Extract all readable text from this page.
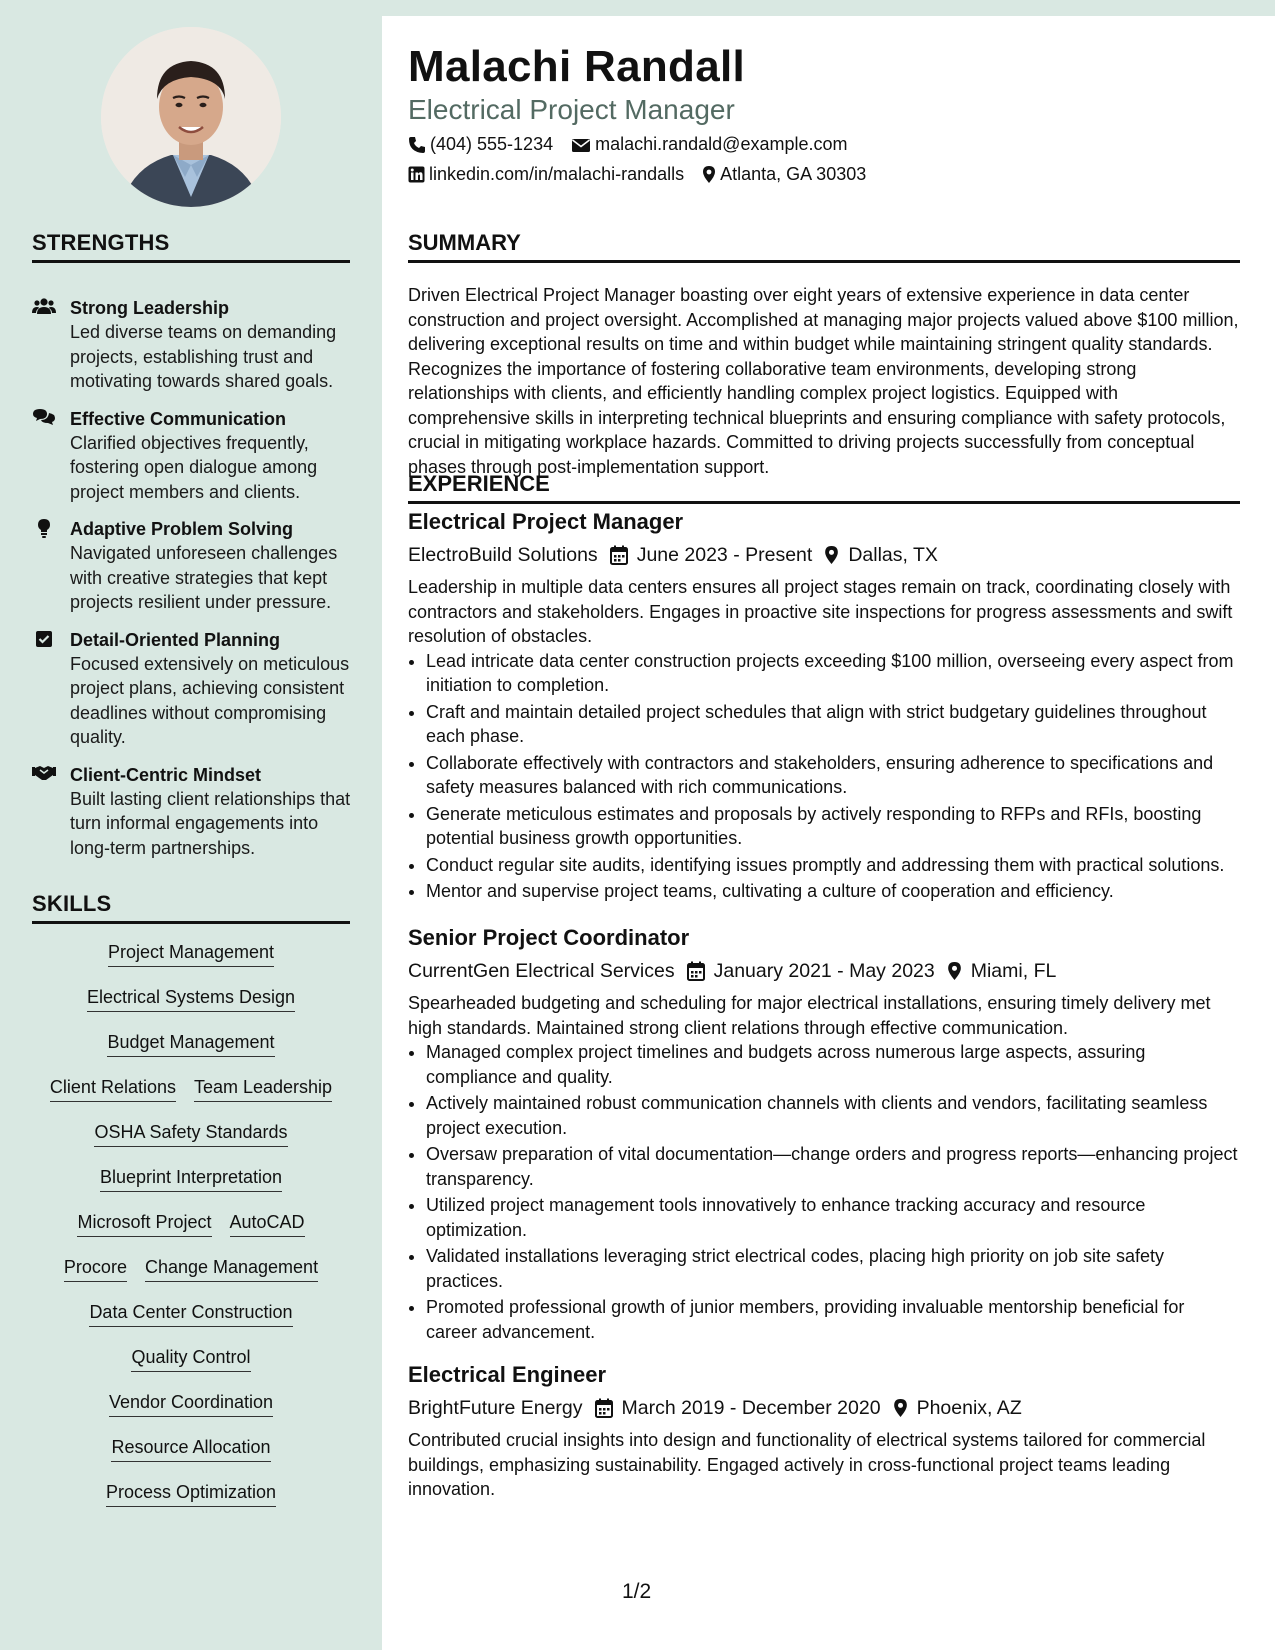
STRENGTHS
Strong Leadership
Led diverse teams on demanding projects, establishing trust and motivating towards shared goals.
Effective Communication
Clarified objectives frequently, fostering open dialogue among project members and clients.
Adaptive Problem Solving
Navigated unforeseen challenges with creative strategies that kept projects resilient under pressure.
Detail-Oriented Planning
Focused extensively on meticulous project plans, achieving consistent deadlines without compromising quality.
Client-Centric Mindset
Built lasting client relationships that turn informal engagements into long-term partnerships.
SKILLS
Project Management
Electrical Systems Design
Budget Management
Client Relations Team Leadership
OSHA Safety Standards
Blueprint Interpretation
Microsoft Project AutoCAD
Procore Change Management
Data Center Construction
Quality Control
Vendor Coordination
Resource Allocation
Process Optimization
Malachi Randall
Electrical Project Manager
(404) 555-1234 malachi.randald@example.com
linkedin.com/in/malachi-randalls Atlanta, GA 30303
SUMMARY
Driven Electrical Project Manager boasting over eight years of extensive experience in data center construction and project oversight. Accomplished at managing major projects valued above $100 million, delivering exceptional results on time and within budget while maintaining stringent quality standards. Recognizes the importance of fostering collaborative team environments, developing strong relationships with clients, and efficiently handling complex project logistics. Equipped with comprehensive skills in interpreting technical blueprints and ensuring compliance with safety protocols, crucial in mitigating workplace hazards. Committed to driving projects successfully from conceptual phases through post-implementation support.
EXPERIENCE
Electrical Project Manager
ElectroBuild Solutions June 2023 - Present Dallas, TX
Leadership in multiple data centers ensures all project stages remain on track, coordinating closely with contractors and stakeholders. Engages in proactive site inspections for progress assessments and swift resolution of obstacles.
• Lead intricate data center construction projects exceeding $100 million, overseeing every aspect from initiation to completion.
• Craft and maintain detailed project schedules that align with strict budgetary guidelines throughout each phase.
• Collaborate effectively with contractors and stakeholders, ensuring adherence to specifications and safety measures balanced with rich communications.
• Generate meticulous estimates and proposals by actively responding to RFPs and RFIs, boosting potential business growth opportunities.
• Conduct regular site audits, identifying issues promptly and addressing them with practical solutions.
• Mentor and supervise project teams, cultivating a culture of cooperation and efficiency.
Senior Project Coordinator
CurrentGen Electrical Services January 2021 - May 2023 Miami, FL
Spearheaded budgeting and scheduling for major electrical installations, ensuring timely delivery met high standards. Maintained strong client relations through effective communication.
• Managed complex project timelines and budgets across numerous large aspects, assuring compliance and quality.
• Actively maintained robust communication channels with clients and vendors, facilitating seamless project execution.
• Oversaw preparation of vital documentation—change orders and progress reports—enhancing project transparency.
• Utilized project management tools innovatively to enhance tracking accuracy and resource optimization.
• Validated installations leveraging strict electrical codes, placing high priority on job site safety practices.
• Promoted professional growth of junior members, providing invaluable mentorship beneficial for career advancement.
Electrical Engineer
BrightFuture Energy March 2019 - December 2020 Phoenix, AZ
Contributed crucial insights into design and functionality of electrical systems tailored for commercial buildings, emphasizing sustainability. Engaged actively in cross-functional project teams leading innovation.
1/2
